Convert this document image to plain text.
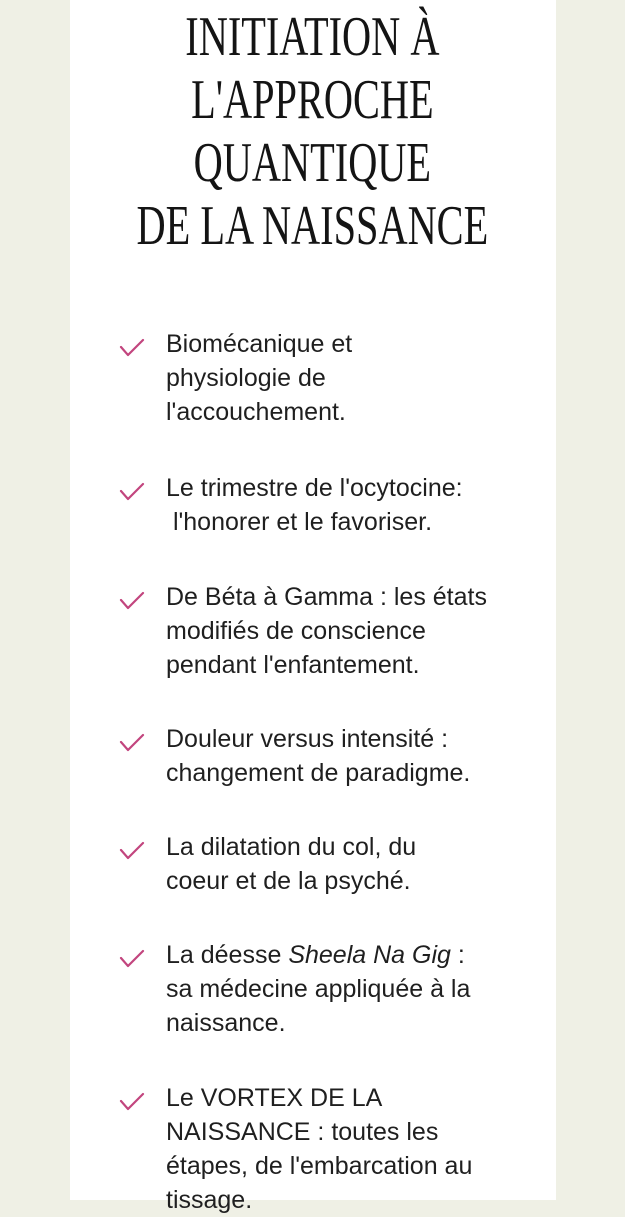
INITIATION À
L'APPROCHE
QUANTIQUE
DE LA NAISSANCE
Biomécanique et
physiologie de
l'accouchement.
Le trimestre de l'ocytocine:
l'honorer et le favoriser.
De Béta à Gamma : les états
modifiés de conscience
pendant l'enfantement.
Douleur versus intensité :
changement de paradigme.
La dilatation du col, du
coeur et de la psyché.
La déesse Sheela Na Gig :
sa médecine appliquée à la
naissance.
Le VORTEX DE LA
NAISSANCE : toutes les
étapes, de l'embarcation au
tissage.
